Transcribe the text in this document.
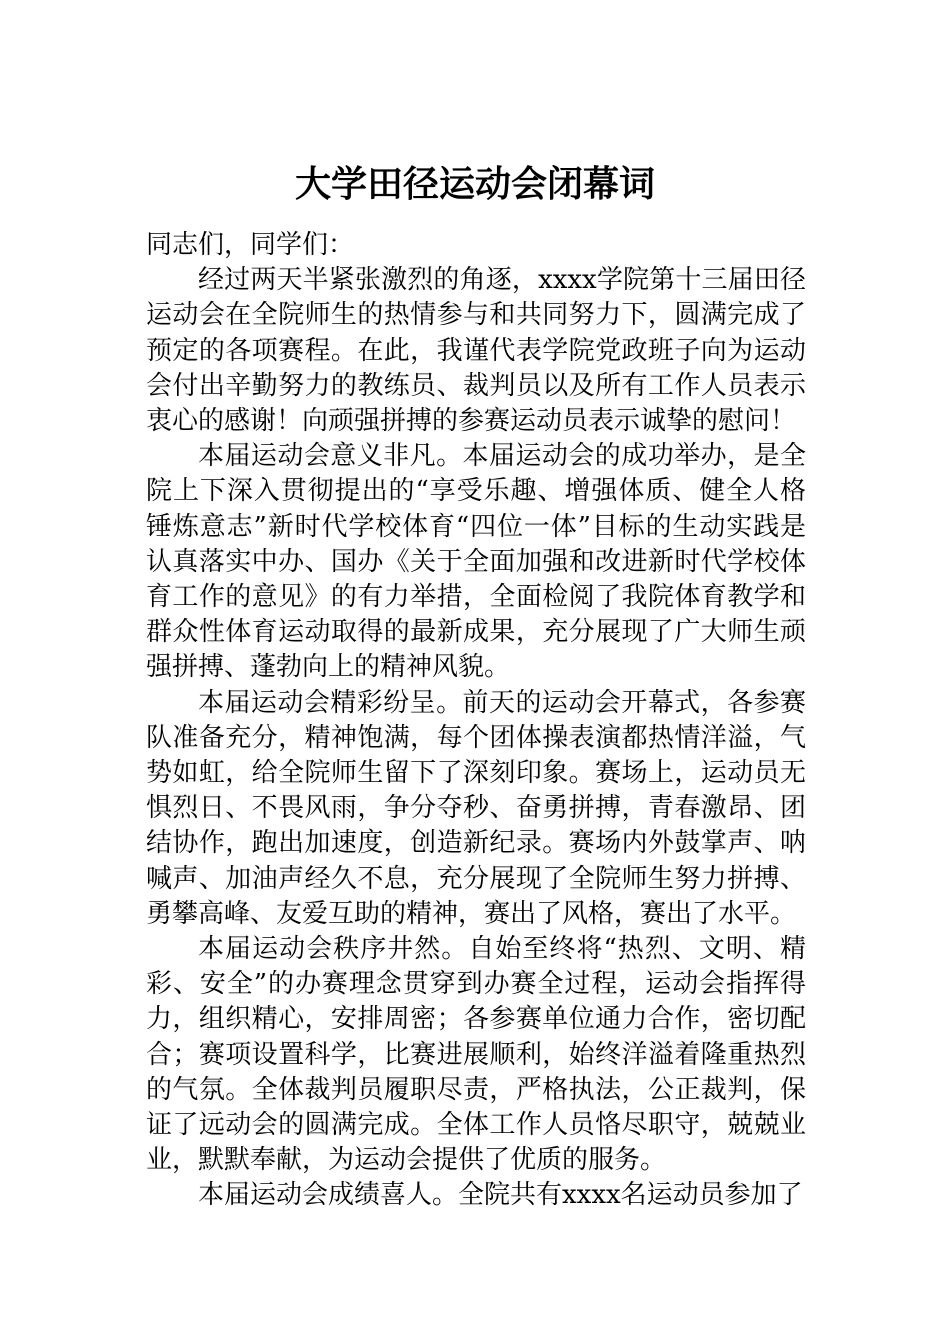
大学田径运动会闭幕词

同志们，同学们：

经过两天半紧张激烈的角逐，xxxx学院第十三届田径运动会在全院师生的热情参与和共同努力下，圆满完成了预定的各项赛程。在此，我谨代表学院党政班子向为运动会付出辛勤努力的教练员、裁判员以及所有工作人员表示衷心的感谢！向顽强拼搏的参赛运动员表示诚挚的慰问！

本届运动会意义非凡。本届运动会的成功举办，是全院上下深入贯彻提出的“享受乐趣、增强体质、健全人格锤炼意志”新时代学校体育“四位一体”目标的生动实践是认真落实中办、国办《关于全面加强和改进新时代学校体育工作的意见》的有力举措，全面检阅了我院体育教学和群众性体育运动取得的最新成果，充分展现了广大师生顽强拼搏、蓬勃向上的精神风貌。

本届运动会精彩纷呈。前天的运动会开幕式，各参赛队准备充分，精神饱满，每个团体操表演都热情洋溢，气势如虹，给全院师生留下了深刻印象。赛场上，运动员无惧烈日、不畏风雨，争分夺秒、奋勇拼搏，青春激昂、团结协作，跑出加速度，创造新纪录。赛场内外鼓掌声、呐喊声、加油声经久不息，充分展现了全院师生努力拼搏、勇攀高峰、友爱互助的精神，赛出了风格，赛出了水平。

本届运动会秩序井然。自始至终将“热烈、文明、精彩、安全”的办赛理念贯穿到办赛全过程，运动会指挥得力，组织精心，安排周密；各参赛单位通力合作，密切配合；赛项设置科学，比赛进展顺利，始终洋溢着隆重热烈的气氛。全体裁判员履职尽责，严格执法，公正裁判，保证了远动会的圆满完成。全体工作人员恪尽职守，兢兢业业，默默奉献，为运动会提供了优质的服务。

本届运动会成绩喜人。全院共有xxxx名运动员参加了
